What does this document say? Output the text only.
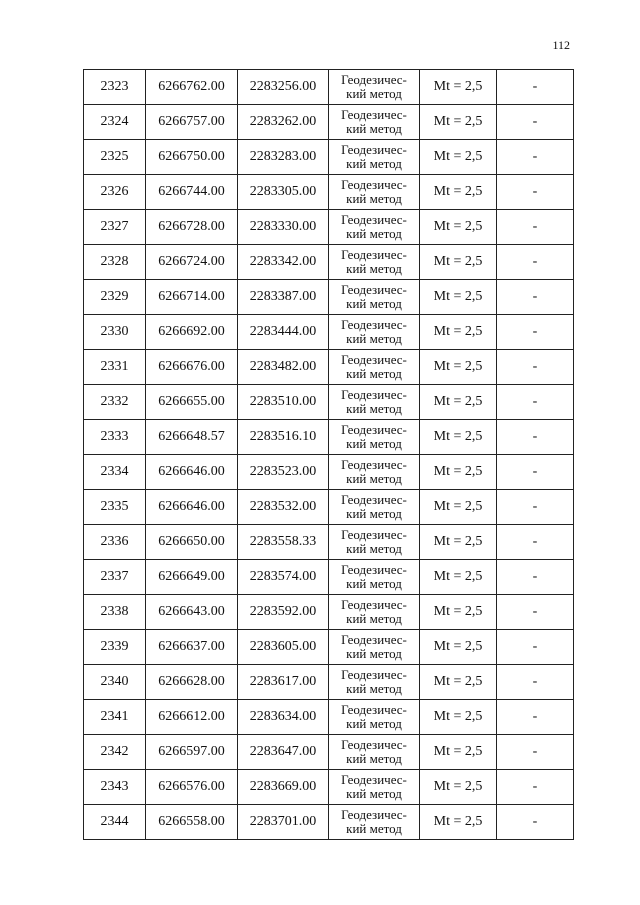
112
2323	6266762.00	2283256.00	Геодезичес-
кий метод	Mt = 2,5	-
2324	6266757.00	2283262.00	Геодезичес-
кий метод	Mt = 2,5	-
2325	6266750.00	2283283.00	Геодезичес-
кий метод	Mt = 2,5	-
2326	6266744.00	2283305.00	Геодезичес-
кий метод	Mt = 2,5	-
2327	6266728.00	2283330.00	Геодезичес-
кий метод	Mt = 2,5	-
2328	6266724.00	2283342.00	Геодезичес-
кий метод	Mt = 2,5	-
2329	6266714.00	2283387.00	Геодезичес-
кий метод	Mt = 2,5	-
2330	6266692.00	2283444.00	Геодезичес-
кий метод	Mt = 2,5	-
2331	6266676.00	2283482.00	Геодезичес-
кий метод	Mt = 2,5	-
2332	6266655.00	2283510.00	Геодезичес-
кий метод	Mt = 2,5	-
2333	6266648.57	2283516.10	Геодезичес-
кий метод	Mt = 2,5	-
2334	6266646.00	2283523.00	Геодезичес-
кий метод	Mt = 2,5	-
2335	6266646.00	2283532.00	Геодезичес-
кий метод	Mt = 2,5	-
2336	6266650.00	2283558.33	Геодезичес-
кий метод	Mt = 2,5	-
2337	6266649.00	2283574.00	Геодезичес-
кий метод	Mt = 2,5	-
2338	6266643.00	2283592.00	Геодезичес-
кий метод	Mt = 2,5	-
2339	6266637.00	2283605.00	Геодезичес-
кий метод	Mt = 2,5	-
2340	6266628.00	2283617.00	Геодезичес-
кий метод	Mt = 2,5	-
2341	6266612.00	2283634.00	Геодезичес-
кий метод	Mt = 2,5	-
2342	6266597.00	2283647.00	Геодезичес-
кий метод	Mt = 2,5	-
2343	6266576.00	2283669.00	Геодезичес-
кий метод	Mt = 2,5	-
2344	6266558.00	2283701.00	Геодезичес-
кий метод	Mt = 2,5	-
